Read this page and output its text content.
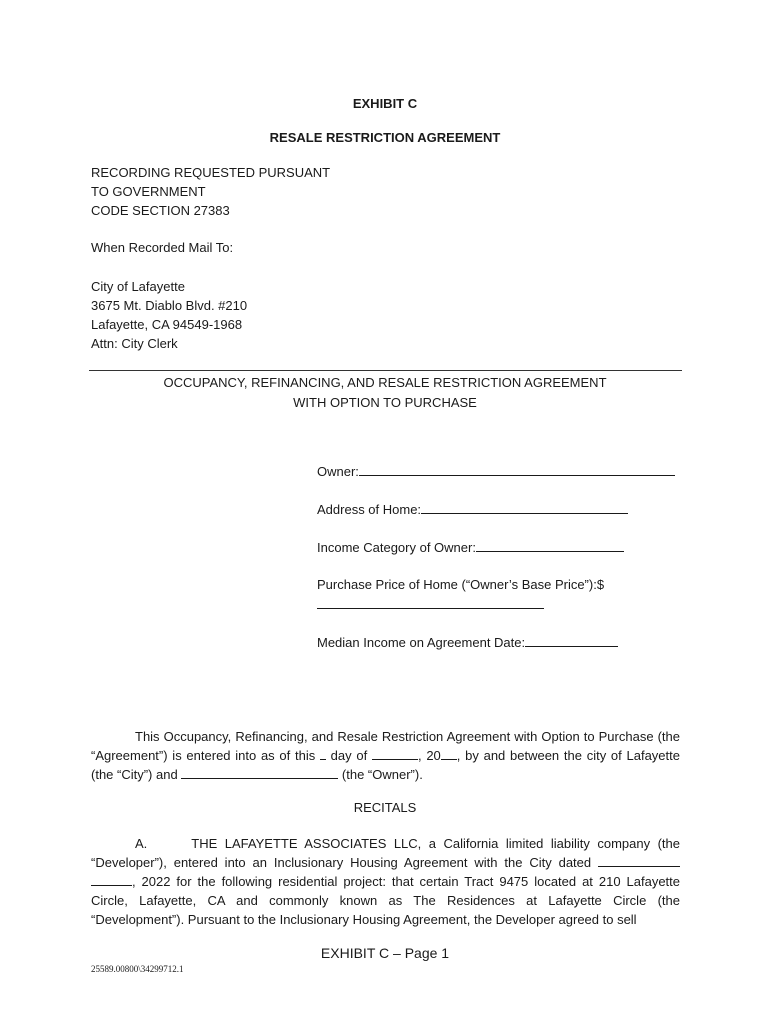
EXHIBIT C
RESALE RESTRICTION AGREEMENT
RECORDING REQUESTED PURSUANT
TO GOVERNMENT
CODE SECTION 27383
When Recorded Mail To:
City of Lafayette
3675 Mt. Diablo Blvd. #210
Lafayette, CA 94549-1968
Attn: City Clerk
OCCUPANCY, REFINANCING, AND RESALE RESTRICTION AGREEMENT
WITH OPTION TO PURCHASE
Owner:
Address of Home:
Income Category of Owner:
Purchase Price of Home (“Owner’s Base Price”):$
Median Income on Agreement Date:
This Occupancy, Refinancing, and Resale Restriction Agreement with Option to Purchase (the “Agreement”) is entered into as of this  day of	, 20 , by and between the city of Lafayette (the “City”) and	(the “Owner”).
RECITALS
A.	THE LAFAYETTE ASSOCIATES LLC, a California limited liability company (the “Developer”), entered into an Inclusionary Housing Agreement with the City dated  , 2022 for the following residential project: that certain Tract 9475 located at 210 Lafayette Circle, Lafayette, CA and commonly known as The Residences at Lafayette Circle (the “Development”). Pursuant to the Inclusionary Housing Agreement, the Developer agreed to sell
EXHIBIT C – Page 1
25589.00800\34299712.1
